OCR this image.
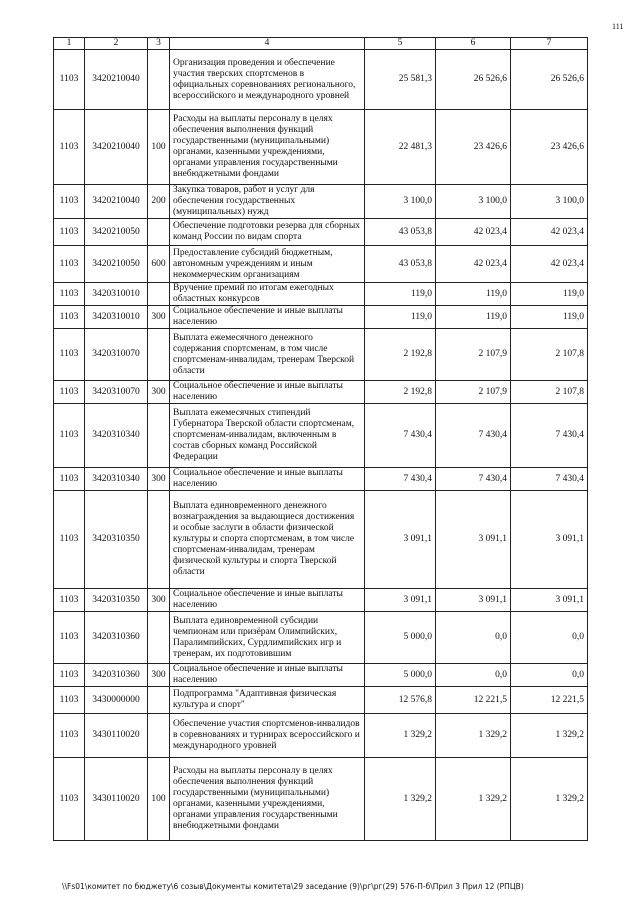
111
1	2	3	4	5	6	7
1103	3420210040		Организация проведения и обеспечение участия тверских спортсменов в официальных соревнованиях регионального, всероссийского и международного уровней	25 581,3	26 526,6	26 526,6
1103	3420210040	100	Расходы на выплаты персоналу в целях обеспечения выполнения функций государственными (муниципальными) органами, казенными учреждениями, органами управления государственными внебюджетными фондами	22 481,3	23 426,6	23 426,6
1103	3420210040	200	Закупка товаров, работ и услуг для обеспечения государственных (муниципальных) нужд	3 100,0	3 100,0	3 100,0
1103	3420210050		Обеспечение подготовки резерва для сборных команд России по видам спорта	43 053,8	42 023,4	42 023,4
1103	3420210050	600	Предоставление субсидий бюджетным, автономным учреждениям и иным некоммерческим организациям	43 053,8	42 023,4	42 023,4
1103	3420310010		Вручение премий по итогам ежегодных областных конкурсов	119,0	119,0	119,0
1103	3420310010	300	Социальное обеспечение и иные выплаты населению	119,0	119,0	119,0
1103	3420310070		Выплата ежемесячного денежного содержания спортсменам, в том числе спортсменам-инвалидам, тренерам Тверской области	2 192,8	2 107,9	2 107,8
1103	3420310070	300	Социальное обеспечение и иные выплаты населению	2 192,8	2 107,9	2 107,8
1103	3420310340		Выплата ежемесячных стипендий Губернатора Тверской области спортсменам, спортсменам-инвалидам, включенным в состав сборных команд Российской Федерации	7 430,4	7 430,4	7 430,4
1103	3420310340	300	Социальное обеспечение и иные выплаты населению	7 430,4	7 430,4	7 430,4
1103	3420310350		Выплата единовременного денежного вознаграждения за выдающиеся достижения и особые заслуги в области физической культуры и спорта спортсменам, в том числе спортсменам-инвалидам, тренерам физической культуры и спорта Тверской области	3 091,1	3 091,1	3 091,1
1103	3420310350	300	Социальное обеспечение и иные выплаты населению	3 091,1	3 091,1	3 091,1
1103	3420310360		Выплата единовременной субсидии чемпионам или призёрам Олимпийских, Паралимпийских, Сурдлимпийских игр и тренерам, их подготовившим	5 000,0	0,0	0,0
1103	3420310360	300	Социальное обеспечение и иные выплаты населению	5 000,0	0,0	0,0
1103	3430000000		Подпрограмма "Адаптивная физическая культура и спорт"	12 576,8	12 221,5	12 221,5
1103	3430110020		Обеспечение участия спортсменов-инвалидов в соревнованиях и турнирах всероссийского и международного уровней	1 329,2	1 329,2	1 329,2
1103	3430110020	100	Расходы на выплаты персоналу в целях обеспечения выполнения функций государственными (муниципальными) органами, казенными учреждениями, органами управления государственными внебюджетными фондами	1 329,2	1 329,2	1 329,2
\\Fs01\комитет по бюджету\6 созыв\Документы комитета\29 заседание (9)\рг\рг(29) 576-П-б\Прил 3 Прил 12 (РПЦВ)
